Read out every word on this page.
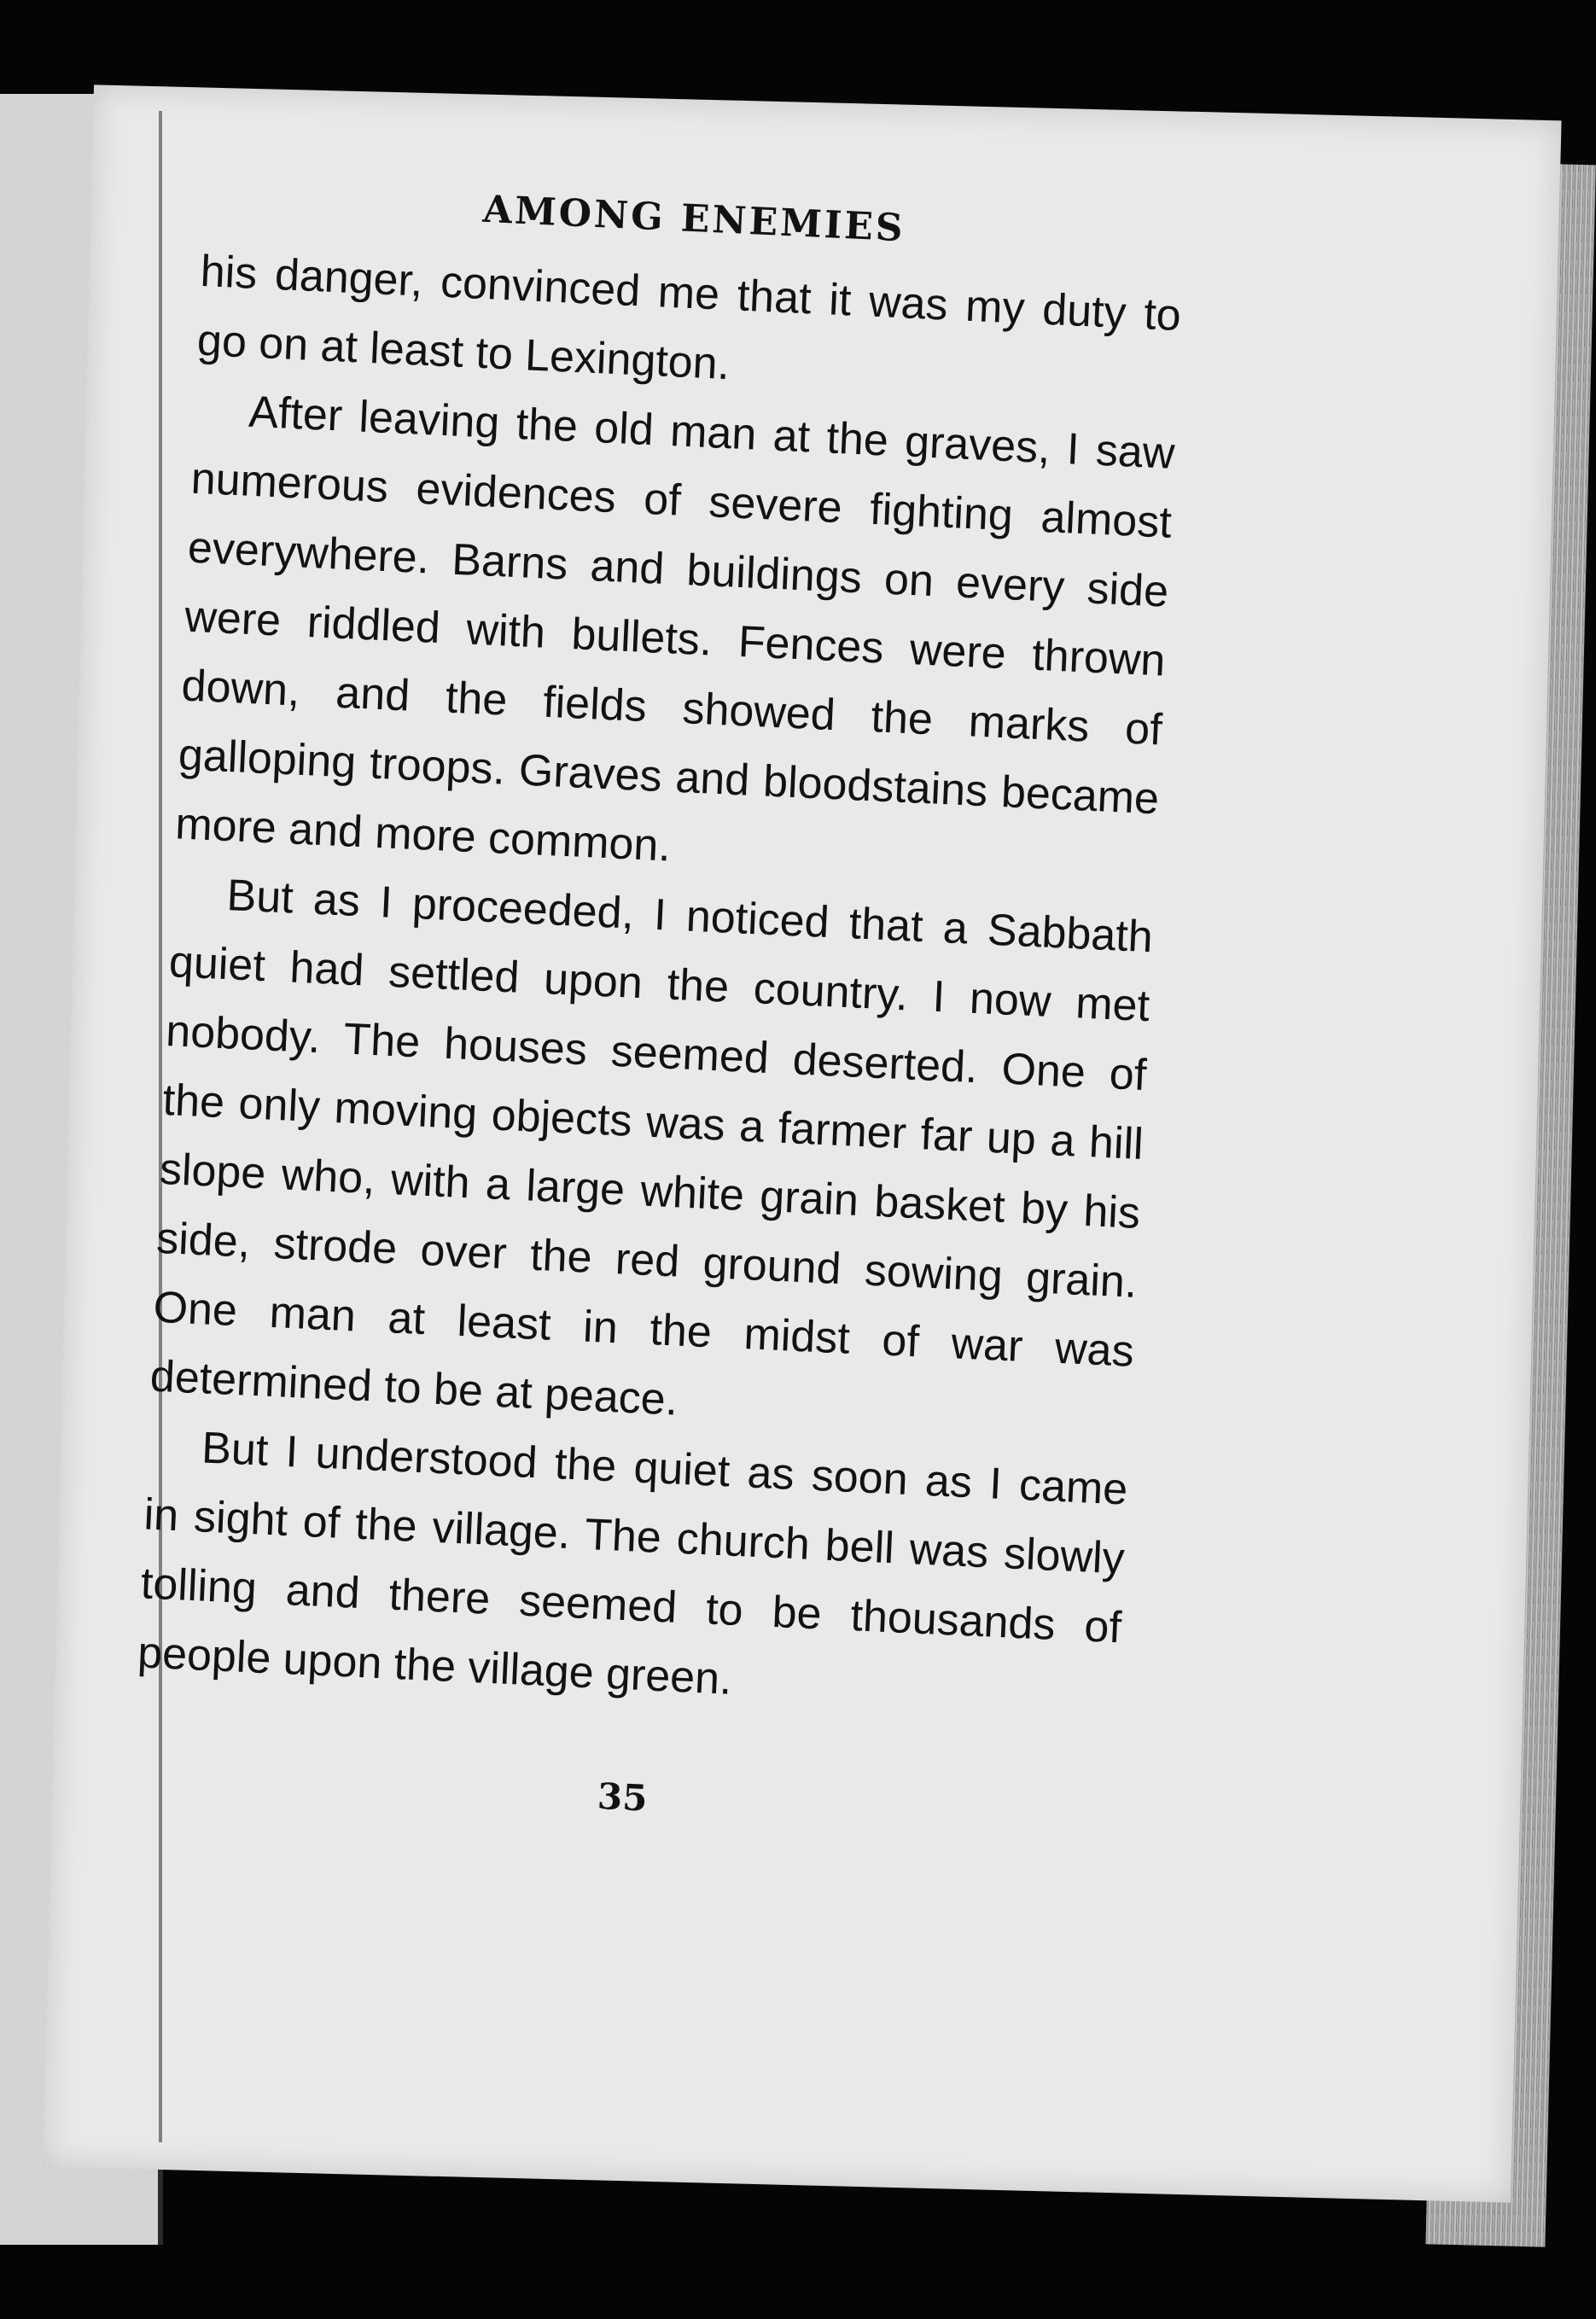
AMONG ENEMIES

his danger, convinced me that it was my duty to go on at least to Lexington.

After leaving the old man at the graves, I saw numerous evidences of severe fighting almost everywhere. Barns and buildings on every side were riddled with bullets. Fences were thrown down, and the fields showed the marks of galloping troops. Graves and bloodstains became more and more common.

But as I proceeded, I noticed that a Sabbath quiet had settled upon the country. I now met nobody. The houses seemed deserted. One of the only moving objects was a farmer far up a hill slope who, with a large white grain basket by his side, strode over the red ground sowing grain. One man at least in the midst of war was determined to be at peace.

But I understood the quiet as soon as I came in sight of the village. The church bell was slowly tolling and there seemed to be thousands of people upon the village green.

35
